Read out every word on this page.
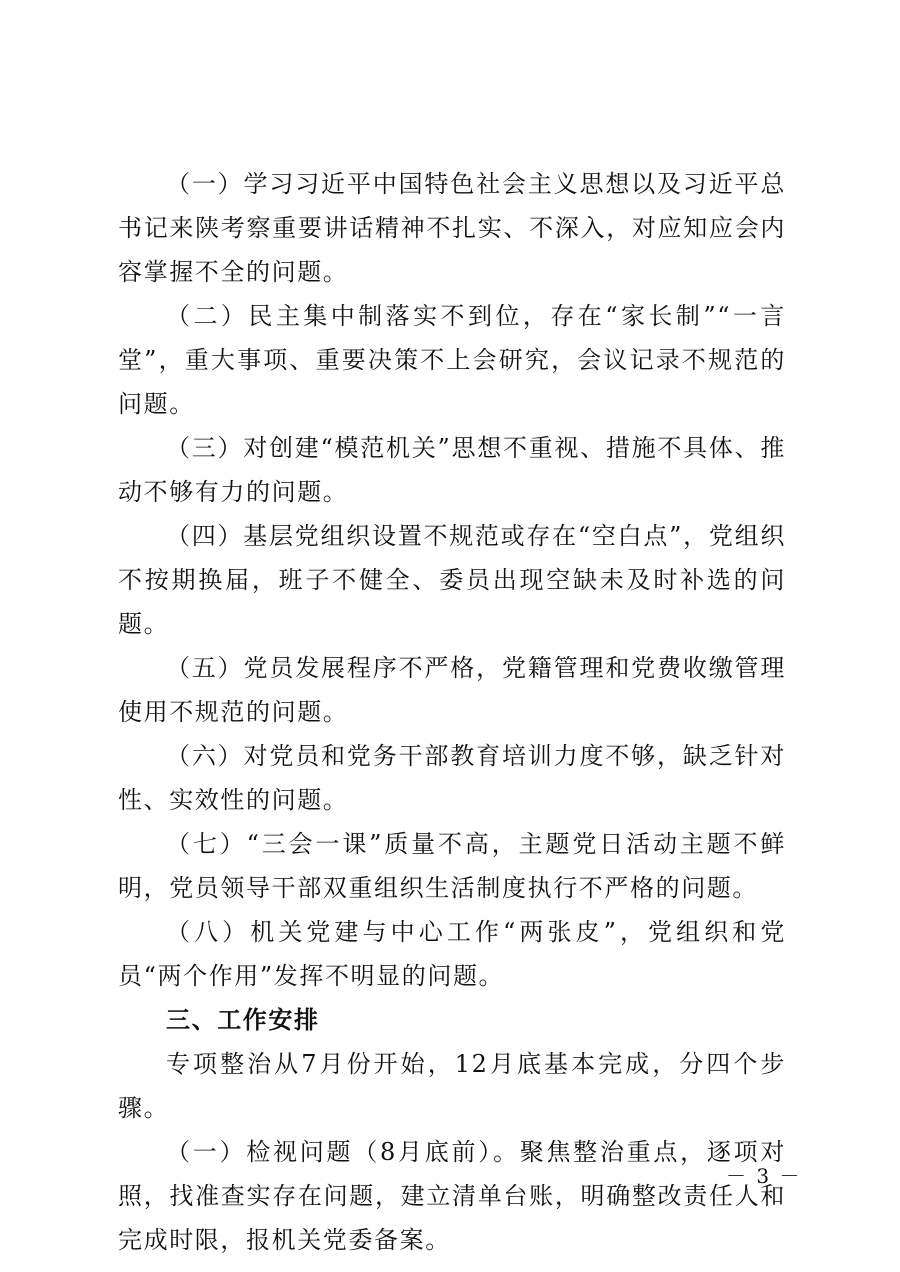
（一）学习习近平中国特色社会主义思想以及习近平总书记来陕考察重要讲话精神不扎实、不深入，对应知应会内容掌握不全的问题。

（二）民主集中制落实不到位，存在“家长制”“一言堂”，重大事项、重要决策不上会研究，会议记录不规范的问题。

（三）对创建“模范机关”思想不重视、措施不具体、推动不够有力的问题。

（四）基层党组织设置不规范或存在“空白点”，党组织不按期换届，班子不健全、委员出现空缺未及时补选的问题。

（五）党员发展程序不严格，党籍管理和党费收缴管理使用不规范的问题。

（六）对党员和党务干部教育培训力度不够，缺乏针对性、实效性的问题。

（七）“三会一课”质量不高，主题党日活动主题不鲜明，党员领导干部双重组织生活制度执行不严格的问题。

（八）机关党建与中心工作“两张皮”，党组织和党员“两个作用”发挥不明显的问题。

三、工作安排

专项整治从7月份开始，12月底基本完成，分四个步骤。

（一）检视问题（8月底前）。聚焦整治重点，逐项对照，找准查实存在问题，建立清单台账，明确整改责任人和完成时限，报机关党委备案。

－ 3 －
